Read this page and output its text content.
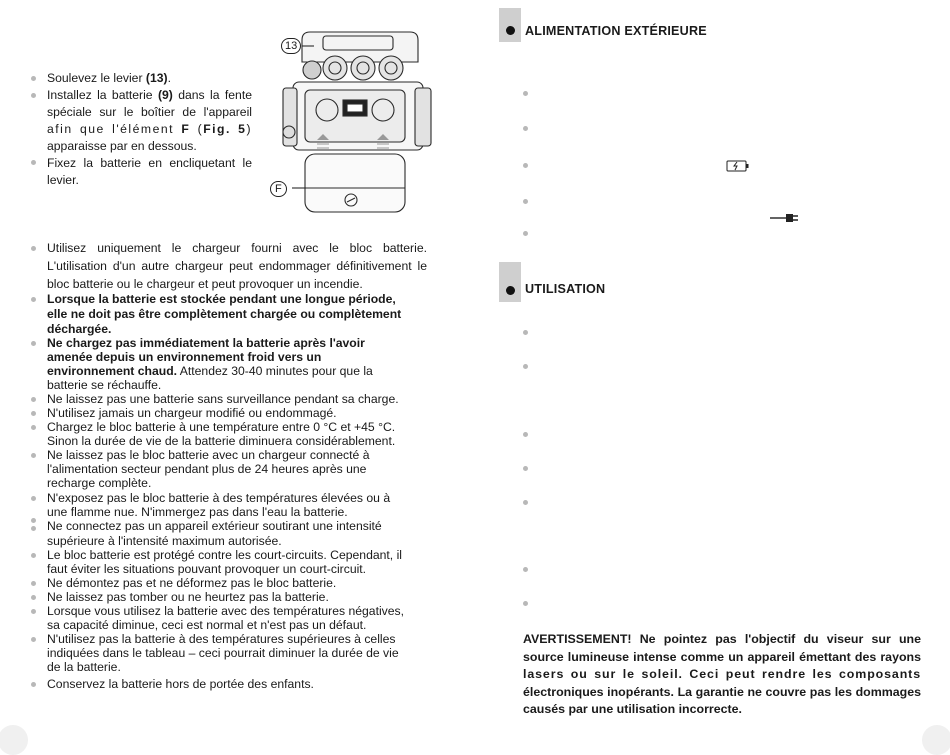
Soulevez le levier (13).
Installez la batterie (9) dans la fente
spéciale sur le boîtier de l'appareil
afin que l'élément F (Fig. 5)
apparaisse par en dessous.
Fixez la batterie en encliquetant le
levier.
13
F
Utilisez uniquement le chargeur fourni avec le bloc batterie.
L'utilisation d'un autre chargeur peut endommager définitivement le
bloc batterie ou le chargeur et peut provoquer un incendie.
Lorsque la batterie est stockée pendant une longue période,
elle ne doit pas être complètement chargée ou complètement
déchargée.
Ne chargez pas immédiatement la batterie après l'avoir
amenée depuis un environnement froid vers un
environnement chaud. Attendez 30-40 minutes pour que la
batterie se réchauffe.
Ne laissez pas une batterie sans surveillance pendant sa charge.
N'utilisez jamais un chargeur modifié ou endommagé.
Chargez le bloc batterie à une température entre 0 °C et +45 °C.
Sinon la durée de vie de la batterie diminuera considérablement.
Ne laissez pas le bloc batterie avec un chargeur connecté à
l'alimentation secteur pendant plus de 24 heures après une
recharge complète.
N'exposez pas le bloc batterie à des températures élevées ou à
une flamme nue. N'immergez pas dans l'eau la batterie.
Ne connectez pas un appareil extérieur soutirant une intensité
supérieure à l'intensité maximum autorisée.
Le bloc batterie est protégé contre les court-circuits. Cependant, il
faut éviter les situations pouvant provoquer un court-circuit.
Ne démontez pas et ne déformez pas le bloc batterie.
Ne laissez pas tomber ou ne heurtez pas la batterie.
Lorsque vous utilisez la batterie avec des températures négatives,
sa capacité diminue, ceci est normal et n'est pas un défaut.
N'utilisez pas la batterie à des températures supérieures à celles
indiquées dans le tableau – ceci pourrait diminuer la durée de vie
de la batterie.
Conservez la batterie hors de portée des enfants.
ALIMENTATION EXTÉRIEURE
UTILISATION
AVERTISSEMENT! Ne pointez pas l'objectif du viseur sur une
source lumineuse intense comme un appareil émettant des rayons
lasers ou sur le soleil. Ceci peut rendre les composants
électroniques inopérants. La garantie ne couvre pas les dommages
causés par une utilisation incorrecte.
